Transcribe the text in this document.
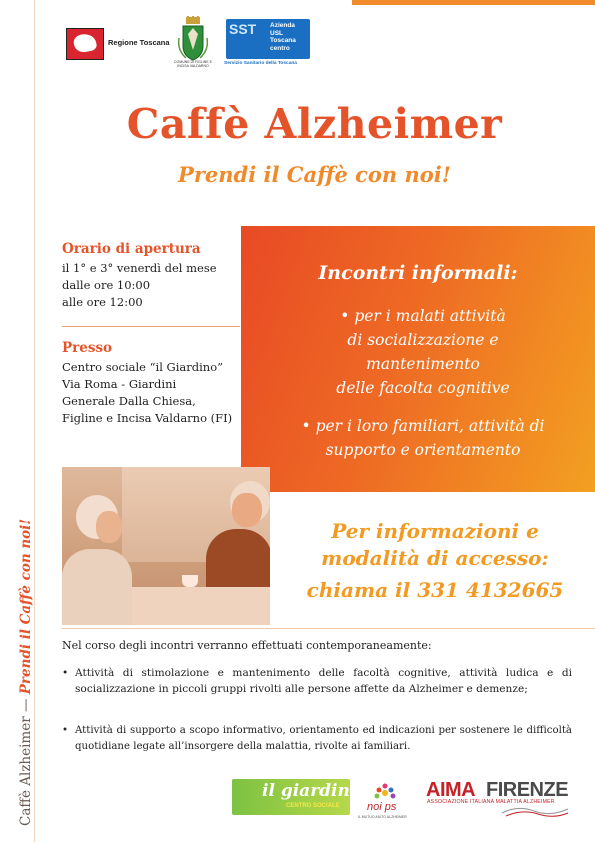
Caffè Alzheimer — Prendi il Caffè con noi!
Regione Toscana
COMUNE DI FIGLINE E INCISA VALDARNO
SST Azienda
USL
Toscana
centro
Servizio Sanitario della Toscana
Caffè Alzheimer
Prendi il Caffè con noi!
Orario di apertura
il 1° e 3° venerdì del mese
dalle ore 10:00
alle ore 12:00
Presso
Centro sociale “il Giardino”
Via Roma - Giardini
Generale Dalla Chiesa,
Figline e Incisa Valdarno (FI)
Incontri informali:
• per i malati attività
di socializzazione e
mantenimento
delle facolta cognitive
• per i loro familiari, attività di
supporto e orientamento
Per informazioni e
modalità di accesso:
chiama il 331 4132665
Nel corso degli incontri verranno effettuati contemporaneamente:
• Attività di stimolazione e mantenimento delle facoltà cognitive, attività ludica e di socializzazione in piccoli gruppi rivolti alle persone affette da Alzheimer e demenze;
• Attività di supporto a scopo informativo, orientamento ed indicazioni per sostenere le difficoltà quotidiane legate all’insorgere della malattia, rivolte ai familiari.
il giardino
CENTRO SOCIALE noi ps
IL MUTUO AIUTO ALZHEIMER
AIMA FIRENZE
ASSOCIAZIONE ITALIANA MALATTIA ALZHEIMER
